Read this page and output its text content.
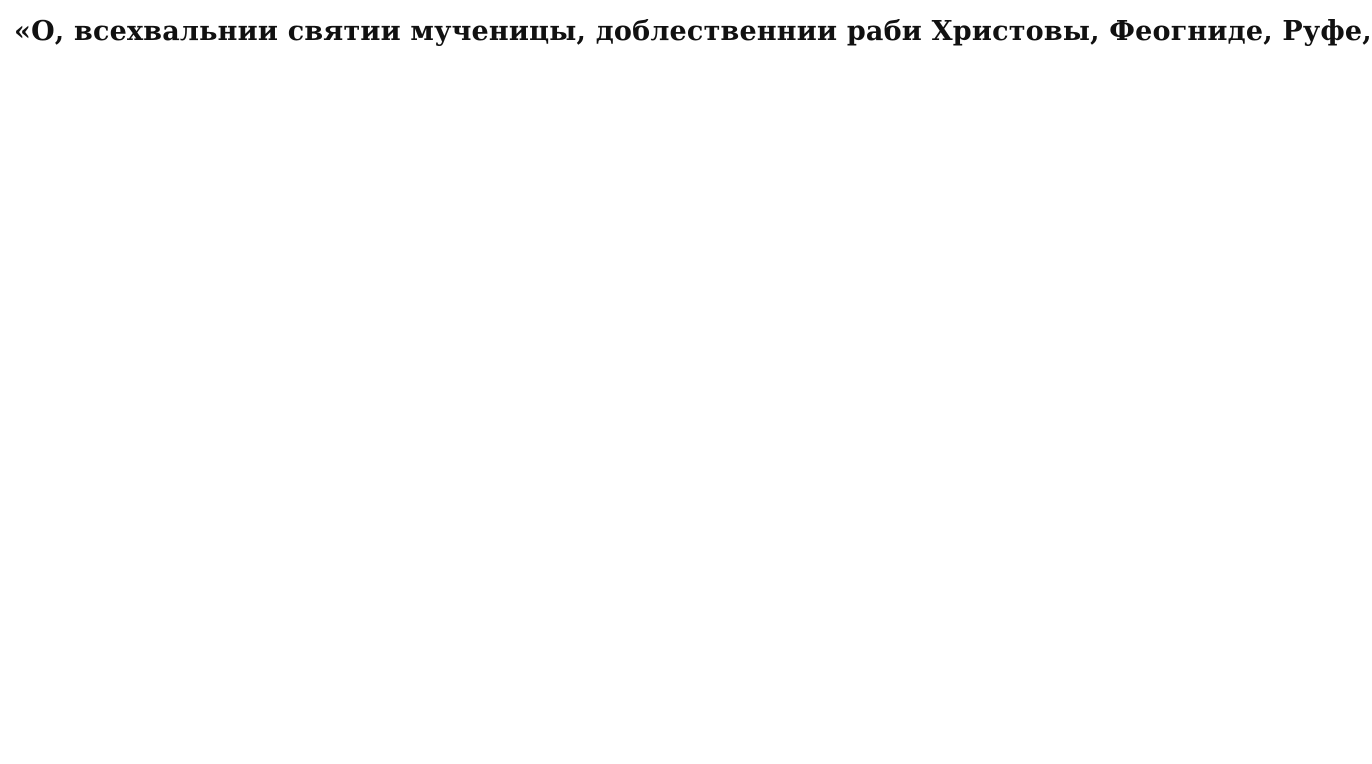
«О, всехвальнии святии мученицы, доблественнии раби Христовы, Феогниде, Руфе,
